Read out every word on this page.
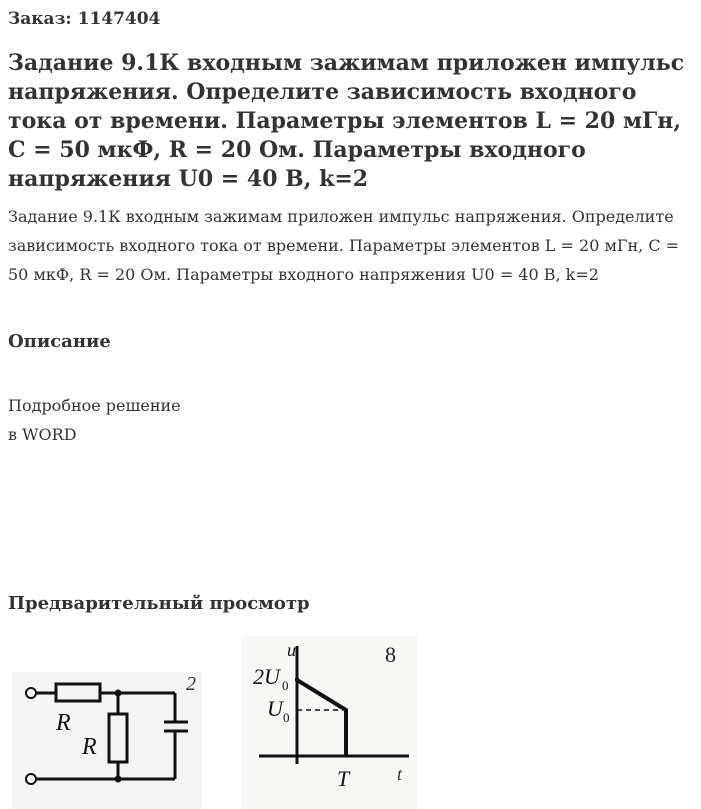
Заказ: 1147404
Задание 9.1К входным зажимам приложен импульс напряжения. Определите зависимость входного тока от времени. Параметры элементов L = 20 мГн, C = 50 мкФ, R = 20 Ом. Параметры входного напряжения U0 = 40 В, k=2

Задание 9.1К входным зажимам приложен импульс напряжения. Определите зависимость входного тока от времени. Параметры элементов L = 20 мГн, C = 50 мкФ, R = 20 Ом. Параметры входного напряжения U0 = 40 В, k=2

Описание
Подробное решение
в WORD
Предварительный просмотр
R
R
2
u
t
2U 0
U 0
T
8
